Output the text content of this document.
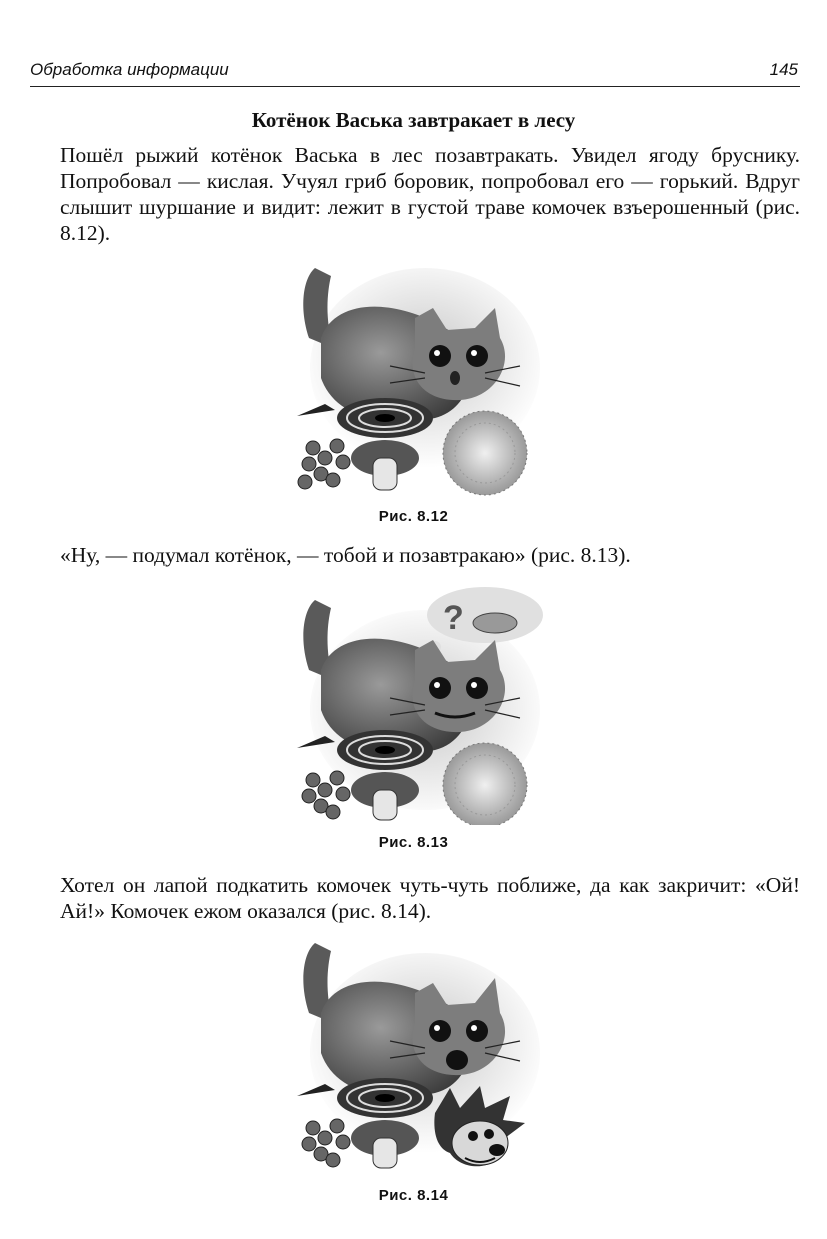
Обработка информации	145
Котёнок Васька завтракает в лесу
Пошёл рыжий котёнок Васька в лес позавтракать. Увидел ягоду бруснику. Попробовал — кислая. Учуял гриб боровик, попробовал его — горький. Вдруг слышит шуршание и видит: лежит в густой траве комочек взъерошенный (рис. 8.12).
Рис. 8.12
«Ну, — подумал котёнок, — тобой и позавтракаю» (рис. 8.13).
?
Рис. 8.13
Хотел он лапой подкатить комочек чуть-чуть поближе, да как закричит: «Ой! Ай!» Комочек ежом оказался (рис. 8.14).
Рис. 8.14
